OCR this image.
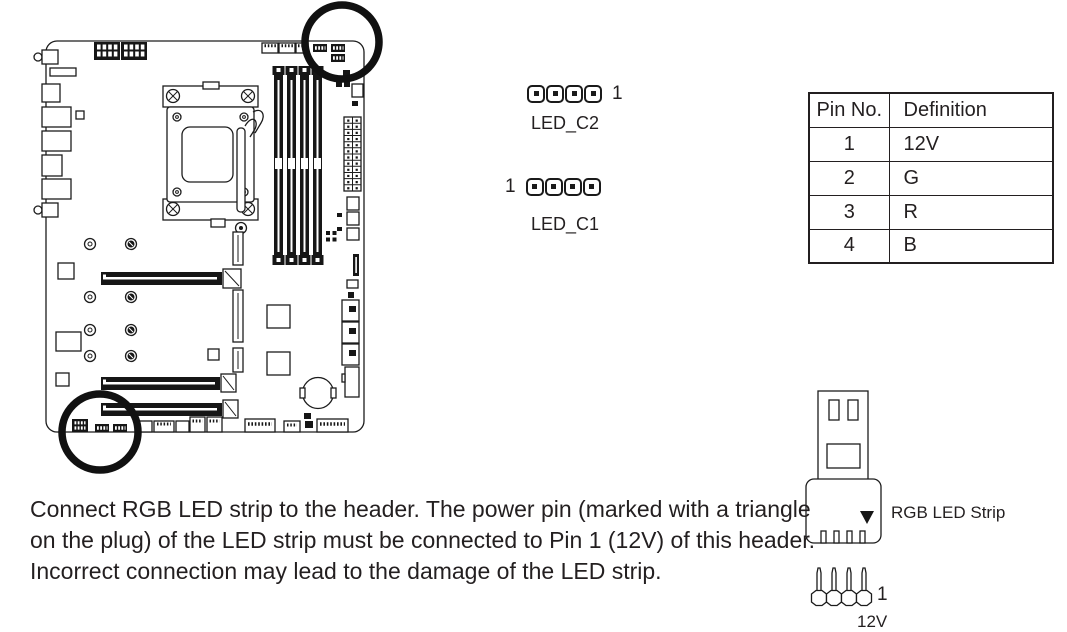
1
LED_C2
1
LED_C1
Pin No.	Definition
1	12V
2	G
3	R
4	B
RGB LED Strip
1
12V
Connect RGB LED strip to the header. The power pin (marked with a triangle
on the plug) of the LED strip must be connected to Pin 1 (12V) of this header.
Incorrect connection may lead to the damage of the LED strip.
